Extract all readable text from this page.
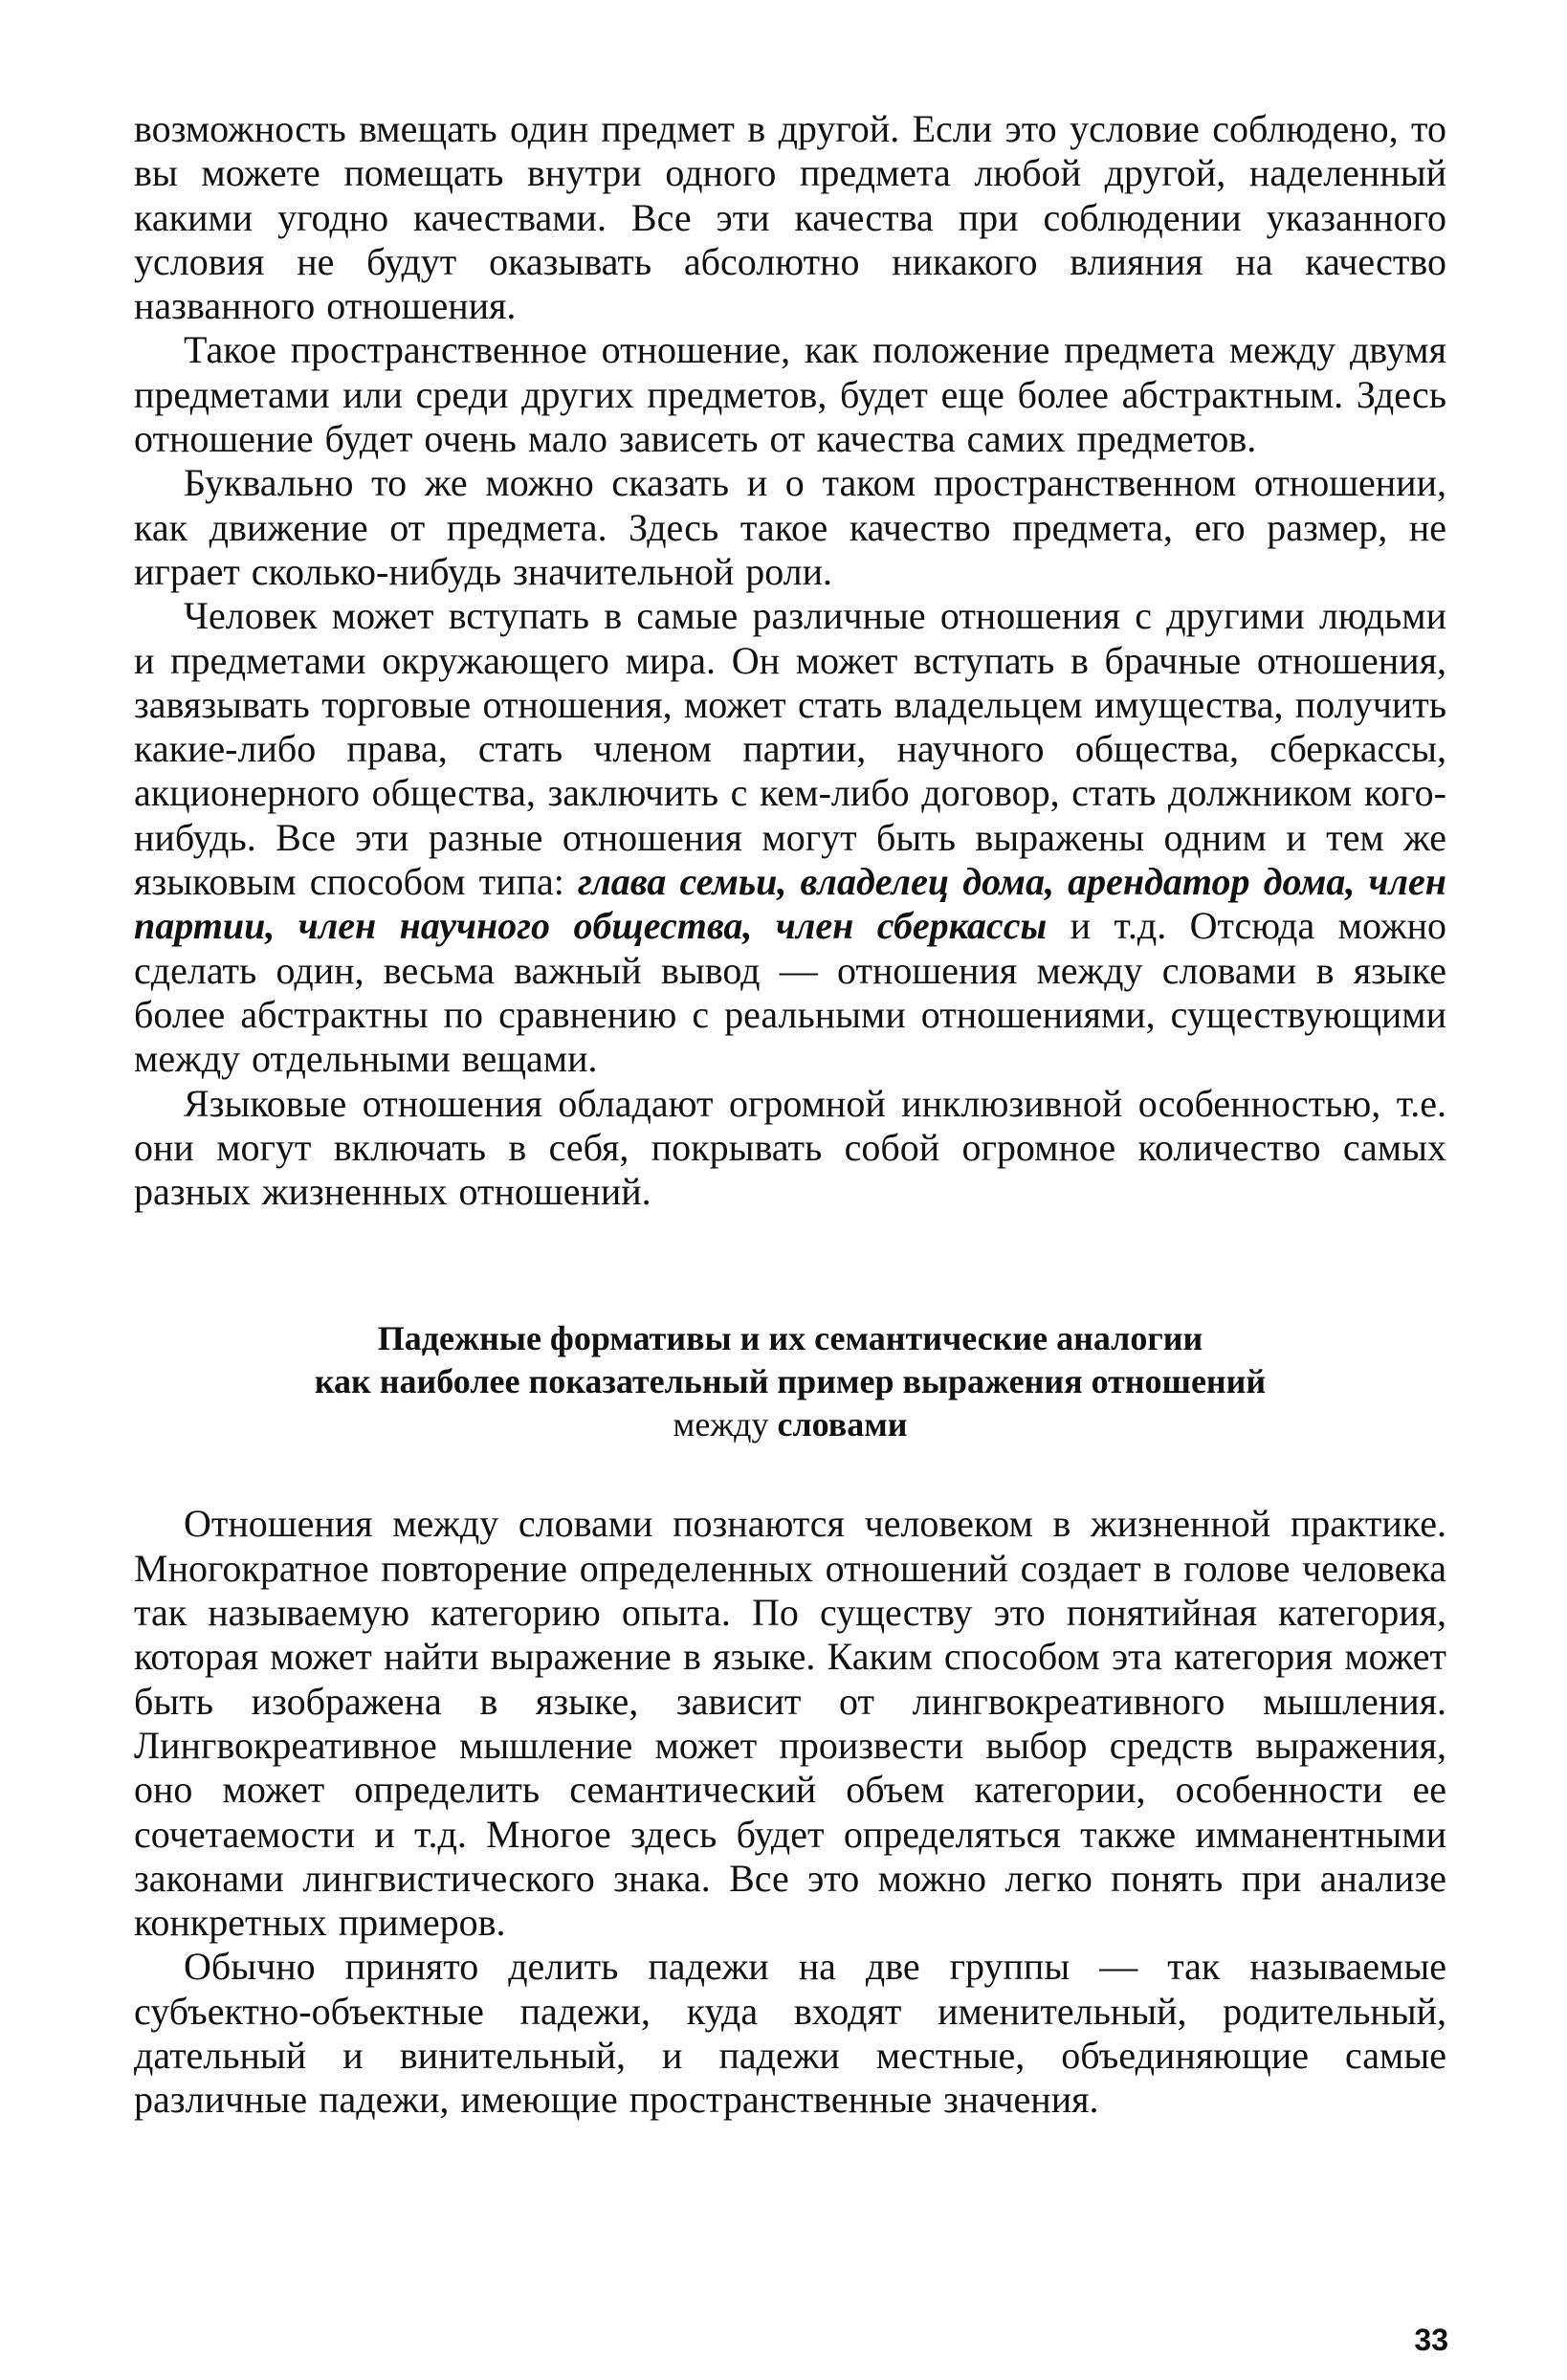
возможность вмещать один предмет в другой. Если это условие соблюдено, то вы можете помещать внутри одного предмета любой другой, наделенный какими угодно качествами. Все эти качества при соблюдении указанного условия не будут оказывать абсолютно никакого влияния на качество названного отношения.

Такое пространственное отношение, как положение предмета между двумя предметами или среди других предметов, будет еще более абстрактным. Здесь отношение будет очень мало зависеть от качества самих предметов.

Буквально то же можно сказать и о таком пространственном отношении, как движение от предмета. Здесь такое качество предмета, его размер, не играет сколько-нибудь значительной роли.

Человек может вступать в самые различные отношения с другими людьми и предметами окружающего мира. Он может вступать в брачные отношения, завязывать торговые отношения, может стать владельцем имущества, получить какие-либо права, стать членом партии, научного общества, сберкассы, акционерного общества, заключить с кем-либо договор, стать должником кого-нибудь. Все эти разные отношения могут быть выражены одним и тем же языковым способом типа: глава семьи, владелец дома, арендатор дома, член партии, член научного общества, член сберкассы и т.д. Отсюда можно сделать один, весьма важный вывод — отношения между словами в языке более абстрактны по сравнению с реальными отношениями, существующими между отдельными вещами.

Языковые отношения обладают огромной инклюзивной особенностью, т.е. они могут включать в себя, покрывать собой огромное количество самых разных жизненных отношений.

Падежные формативы и их семантические аналогии
как наиболее показательный пример выражения отношений
между словами

Отношения между словами познаются человеком в жизненной практике. Многократное повторение определенных отношений создает в голове человека так называемую категорию опыта. По существу это понятийная категория, которая может найти выражение в языке. Каким способом эта категория может быть изображена в языке, зависит от лингвокреативного мышления. Лингвокреативное мышление может произвести выбор средств выражения, оно может определить семантический объем категории, особенности ее сочетаемости и т.д. Многое здесь будет определяться также имманентными законами лингвистического знака. Все это можно легко понять при анализе конкретных примеров.

Обычно принято делить падежи на две группы — так называемые субъектно-объектные падежи, куда входят именительный, родительный, дательный и винительный, и падежи местные, объединяющие самые различные падежи, имеющие пространственные значения.

33
